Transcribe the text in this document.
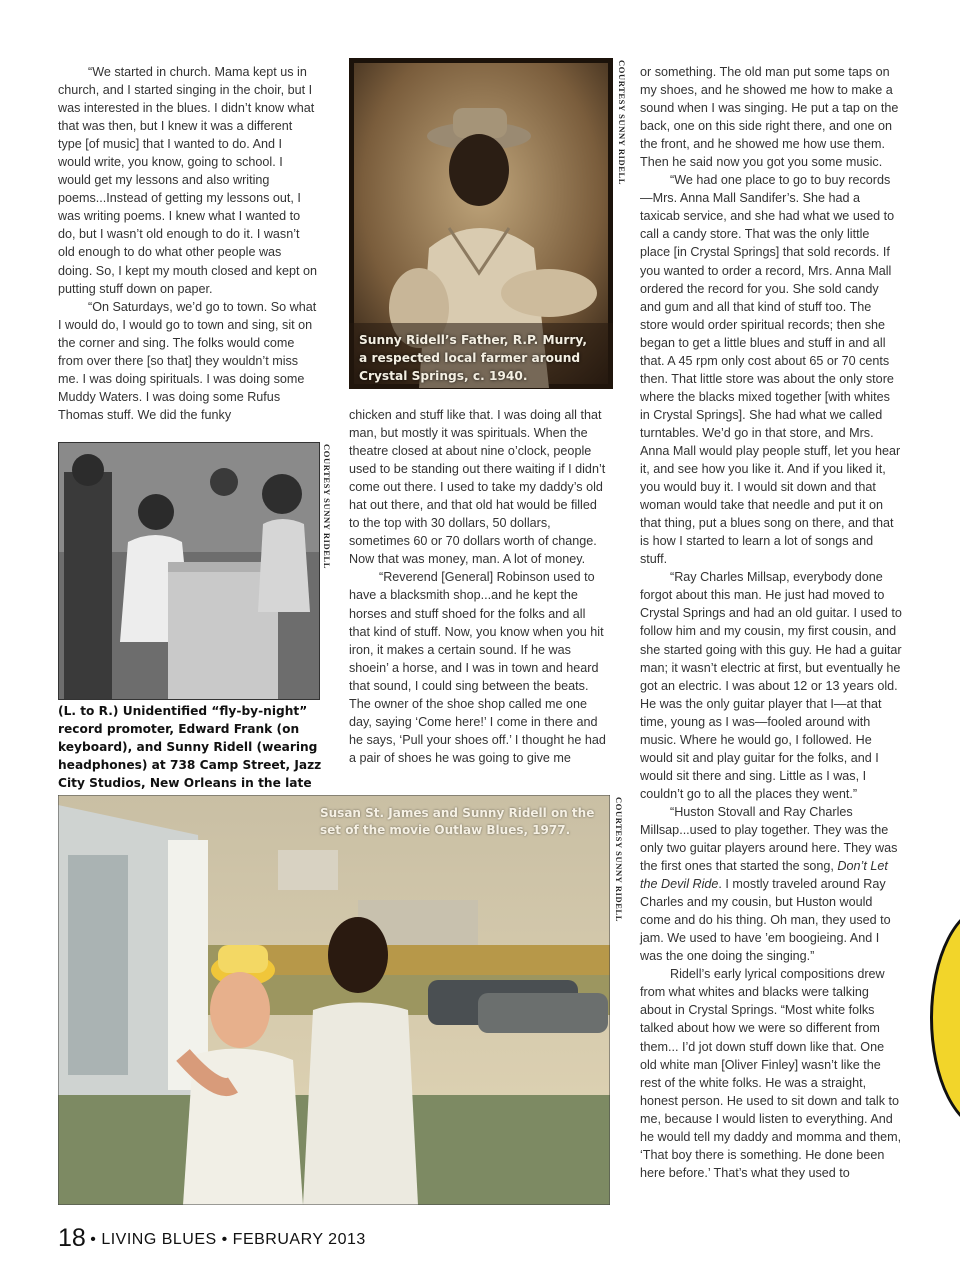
“We started in church. Mama kept us in church, and I started singing in the choir, but I was interested in the blues. I didn’t know what that was then, but I knew it was a different type [of music] that I wanted to do. And I would write, you know, going to school. I would get my lessons and also writing poems...Instead of getting my lessons out, I was writing poems. I knew what I wanted to do, but I wasn’t old enough to do it. I wasn’t old enough to do what other people was doing. So, I kept my mouth closed and kept on putting stuff down on paper.

“On Saturdays, we’d go to town. So what I would do, I would go to town and sing, sit on the corner and sing. The folks would come from over there [so that] they wouldn’t miss me. I was doing spirituals. I was doing some Muddy Waters. I was doing some Rufus Thomas stuff. We did the funky

Sunny Ridell’s Father, R.P. Murry, a respected local farmer around Crystal Springs, c. 1940.
COURTESY SUNNY RIDELL
COURTESY SUNNY RIDELL
(L. to R.) Unidentified “fly-by-night” record promoter, Edward Frank (on keyboard), and Sunny Ridell (wearing headphones) at 738 Camp Street, Jazz City Studios, New Orleans in the late

chicken and stuff like that. I was doing all that man, but mostly it was spirituals. When the theatre closed at about nine o’clock, people used to be standing out there waiting if I didn’t come out there. I used to take my daddy’s old hat out there, and that old hat would be filled to the top with 30 dollars, 50 dollars, sometimes 60 or 70 dollars worth of change. Now that was money, man. A lot of money.

“Reverend [General] Robinson used to have a blacksmith shop...and he kept the horses and stuff shoed for the folks and all that kind of stuff. Now, you know when you hit iron, it makes a certain sound. If he was shoein’ a horse, and I was in town and heard that sound, I could sing between the beats. The owner of the shoe shop called me one day, saying ‘Come here!’ I come in there and he says, ‘Pull your shoes off.’ I thought he had a pair of shoes he was going to give me

Susan St. James and Sunny Ridell on the set of the movie Outlaw Blues, 1977.	COURTESY SUNNY RIDELL

or something. The old man put some taps on my shoes, and he showed me how to make a sound when I was singing. He put a tap on the back, one on this side right there, and one on the front, and he showed me how use them. Then he said now you got you some music.

“We had one place to go to buy records—Mrs. Anna Mall Sandifer’s. She had a taxicab service, and she had what we used to call a candy store. That was the only little place [in Crystal Springs] that sold records. If you wanted to order a record, Mrs. Anna Mall ordered the record for you. She sold candy and gum and all that kind of stuff too. The store would order spiritual records; then she began to get a little blues and stuff in and all that. A 45 rpm only cost about 65 or 70 cents then. That little store was about the only store where the blacks mixed together [with whites in Crystal Springs]. She had what we called turntables. We’d go in that store, and Mrs. Anna Mall would play people stuff, let you hear it, and see how you like it. And if you liked it, you would buy it. I would sit down and that woman would take that needle and put it on that thing, put a blues song on there, and that is how I started to learn a lot of songs and stuff.

“Ray Charles Millsap, everybody done forgot about this man. He just had moved to Crystal Springs and had an old guitar. I used to follow him and my cousin, my first cousin, and she started going with this guy. He had a guitar man; it wasn’t electric at first, but eventually he got an electric. I was about 12 or 13 years old. He was the only guitar player that I—at that time, young as I was—fooled around with music. Where he would go, I followed. He would sit and play guitar for the folks, and I would sit there and sing. Little as I was, I couldn’t go to all the places they went.”

“Huston Stovall and Ray Charles Millsap...used to play together. They was the only two guitar players around here. They was the first ones that started the song, Don’t Let the Devil Ride. I mostly traveled around Ray Charles and my cousin, but Huston would come and do his thing. Oh man, they used to jam. We used to have ’em boogieing. And I was the one doing the singing.”

Ridell’s early lyrical compositions drew from what whites and blacks were talking about in Crystal Springs. “Most white folks talked about how we were so different from them... I’d jot down stuff down like that. One old white man [Oliver Finley] wasn’t like the rest of the white folks. He was a straight, honest person. He used to sit down and talk to me, because I would listen to everything. And he would tell my daddy and momma and them, ‘That boy there is something. He done been here before.’ That’s what they used to

18 • LIVING BLUES • FEBRUARY 2013
